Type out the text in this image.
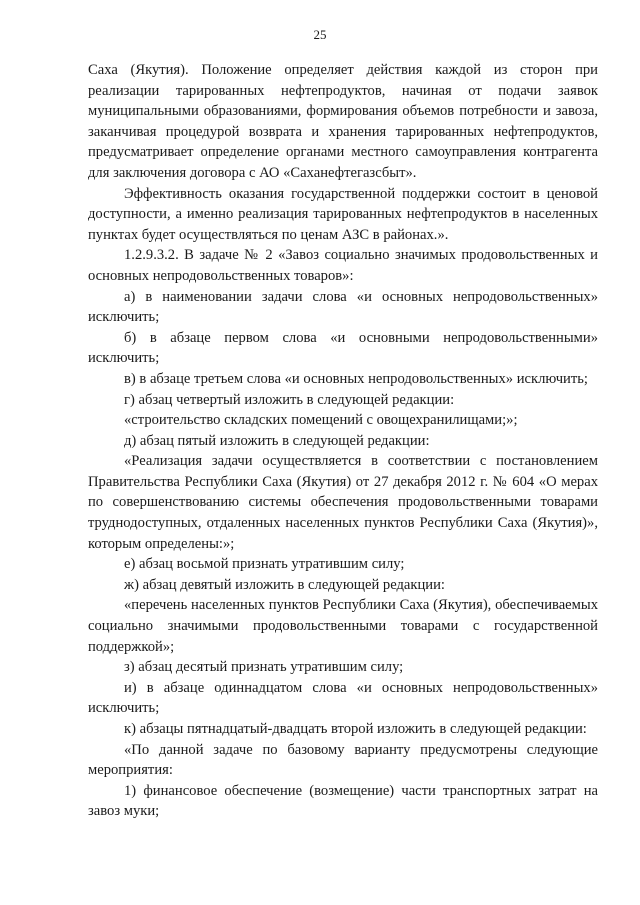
25

Саха (Якутия). Положение определяет действия каждой из сторон при реализации тарированных нефтепродуктов, начиная от подачи заявок муниципальными образованиями, формирования объемов потребности и завоза, заканчивая процедурой возврата и хранения тарированных нефтепродуктов, предусматривает определение органами местного самоуправления контрагента для заключения договора с АО «Саханефтегазсбыт».

Эффективность оказания государственной поддержки состоит в ценовой доступности, а именно реализация тарированных нефтепродуктов в населенных пунктах будет осуществляться по ценам АЗС в районах.».

1.2.9.3.2. В задаче № 2 «Завоз социально значимых продовольственных и основных непродовольственных товаров»:

а) в наименовании задачи слова «и основных непродовольственных» исключить;

б) в абзаце первом слова «и основными непродовольственными» исключить;

в) в абзаце третьем слова «и основных непродовольственных» исключить;

г) абзац четвертый изложить в следующей редакции:

«строительство складских помещений с овощехранилищами;»;

д) абзац пятый изложить в следующей редакции:

«Реализация задачи осуществляется в соответствии с постановлением Правительства Республики Саха (Якутия) от 27 декабря 2012 г. № 604 «О мерах по совершенствованию системы обеспечения продовольственными товарами труднодоступных, отдаленных населенных пунктов Республики Саха (Якутия)», которым определены:»;

е) абзац восьмой признать утратившим силу;

ж) абзац девятый изложить в следующей редакции:

«перечень населенных пунктов Республики Саха (Якутия), обеспечиваемых социально значимыми продовольственными товарами с государственной поддержкой»;

з) абзац десятый признать утратившим силу;

и) в абзаце одиннадцатом слова «и основных непродовольственных» исключить;

к) абзацы пятнадцатый-двадцать второй изложить в следующей редакции:

«По данной задаче по базовому варианту предусмотрены следующие мероприятия:

1) финансовое обеспечение (возмещение) части транспортных затрат на завоз муки;
